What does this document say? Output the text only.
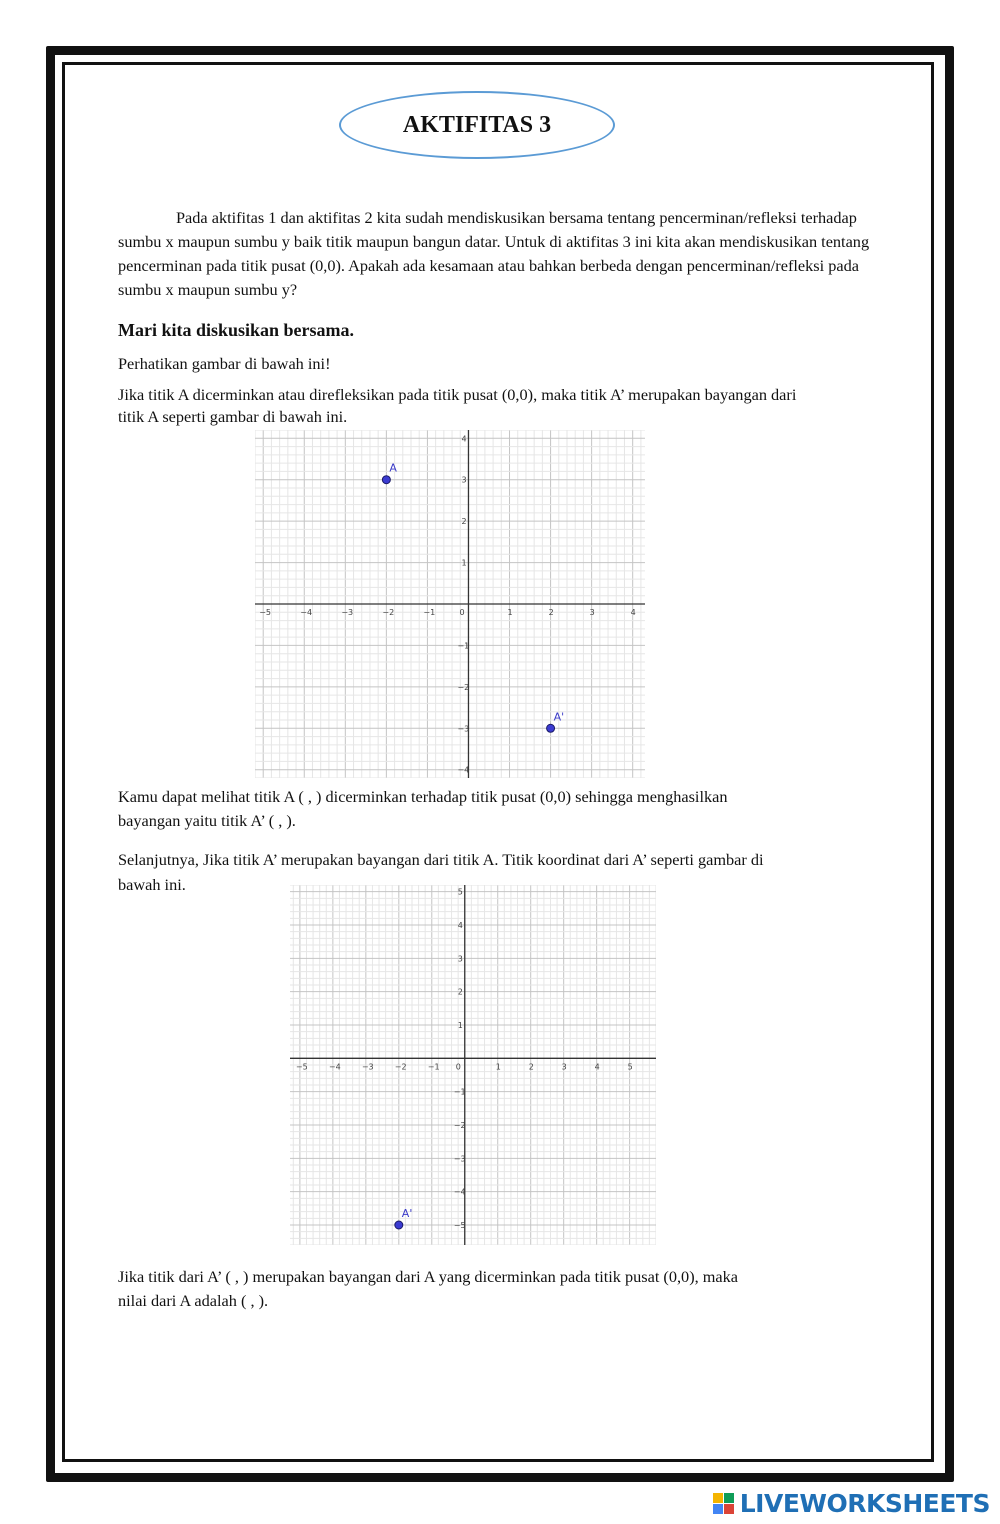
AKTIFITAS 3

Pada aktifitas 1 dan aktifitas 2 kita sudah mendiskusikan bersama tentang pencerminan/refleksi terhadap sumbu x maupun sumbu y baik titik maupun bangun datar. Untuk di aktifitas 3 ini kita akan mendiskusikan tentang pencerminan pada titik pusat (0,0). Apakah ada kesamaan atau bahkan berbeda dengan pencerminan/refleksi pada sumbu x maupun sumbu y?

Mari kita diskusikan bersama.
Perhatikan gambar di bawah ini!
Jika titik A dicerminkan atau direfleksikan pada titik pusat (0,0), maka titik A’ merupakan bayangan dari
titik A seperti gambar di bawah ini.
−5	−4	−3	−2	−1	1	2	3	4
−4
−3
−2
−1
1
2
3
4
0
A
A'
Kamu dapat melihat titik A ( , ) dicerminkan terhadap titik pusat (0,0) sehingga menghasilkan
bayangan yaitu titik A’ ( , ).
Selanjutnya, Jika titik A’ merupakan bayangan dari titik A. Titik koordinat dari A’ seperti gambar di
bawah ini.
−5	−4	−3	−2	−1	1	2	3	4	5
−5
−4
−3
−2
−1
1
2
3
4
5
0
A'
Jika titik dari A’ ( , ) merupakan bayangan dari A yang dicerminkan pada titik pusat (0,0), maka
nilai dari A adalah ( , ).
LIVEWORKSHEETS
